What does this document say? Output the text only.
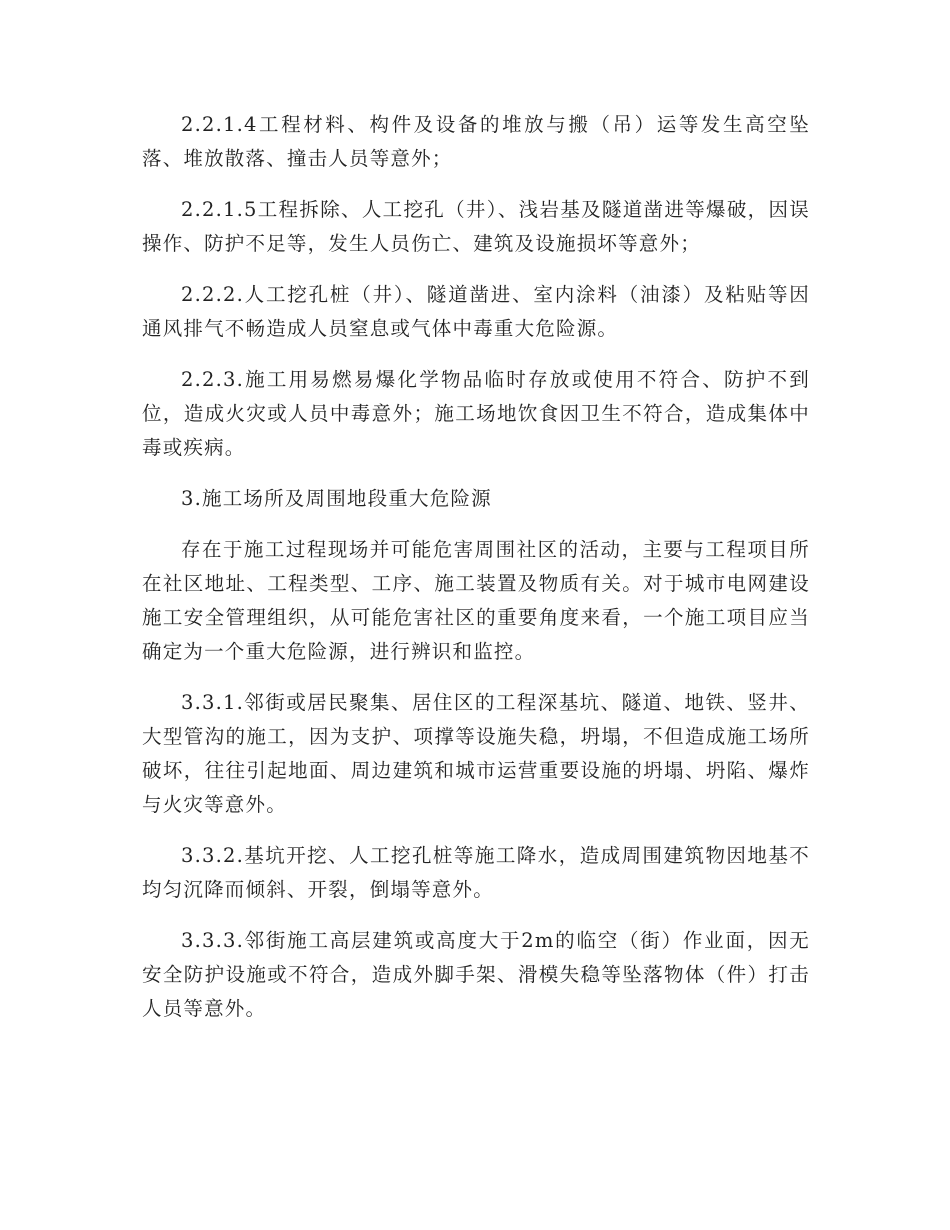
2.2.1.4工程材料、构件及设备的堆放与搬（吊）运等发生高空坠落、堆放散落、撞击人员等意外；

2.2.1.5工程拆除、人工挖孔（井）、浅岩基及隧道凿进等爆破，因误操作、防护不足等，发生人员伤亡、建筑及设施损坏等意外；

2.2.2.人工挖孔桩（井）、隧道凿进、室内涂料（油漆）及粘贴等因通风排气不畅造成人员窒息或气体中毒重大危险源。

2.2.3.施工用易燃易爆化学物品临时存放或使用不符合、防护不到位，造成火灾或人员中毒意外；施工场地饮食因卫生不符合，造成集体中毒或疾病。

3.施工场所及周围地段重大危险源

存在于施工过程现场并可能危害周围社区的活动，主要与工程项目所在社区地址、工程类型、工序、施工装置及物质有关。对于城市电网建设施工安全管理组织，从可能危害社区的重要角度来看，一个施工项目应当确定为一个重大危险源，进行辨识和监控。

3.3.1.邻街或居民聚集、居住区的工程深基坑、隧道、地铁、竖井、大型管沟的施工，因为支护、项撑等设施失稳，坍塌，不但造成施工场所破坏，往往引起地面、周边建筑和城市运营重要设施的坍塌、坍陷、爆炸与火灾等意外。

3.3.2.基坑开挖、人工挖孔桩等施工降水，造成周围建筑物因地基不均匀沉降而倾斜、开裂，倒塌等意外。

3.3.3.邻街施工高层建筑或高度大于2m的临空（街）作业面，因无安全防护设施或不符合，造成外脚手架、滑模失稳等坠落物体（件）打击人员等意外。
